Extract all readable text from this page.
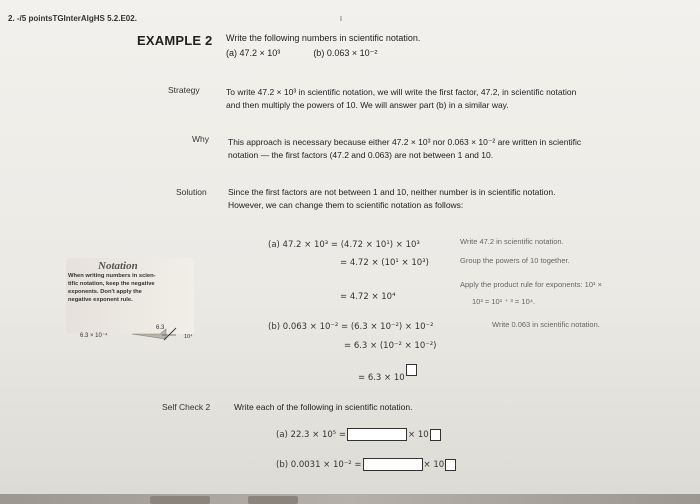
2. -/5 pointsTGInterAlgHS 5.2.E02.	I
EXAMPLE 2 Write the following numbers in scientific notation.
(a) 47.2 × 10³	(b) 0.063 × 10⁻²
Strategy	To write 47.2 × 10³ in scientific notation, we will write the first factor, 47.2, in scientific notation
and then multiply the powers of 10. We will answer part (b) in a similar way.
Why This approach is necessary because either 47.2 × 10³ nor 0.063 × 10⁻² are written in scientific
notation — the first factors (47.2 and 0.063) are not between 1 and 10.
Solution	Since the first factors are not between 1 and 10, neither number is in scientific notation.
However, we can change them to scientific notation as follows:
(a) 47.2 × 10³ = (4.72 × 10¹) × 10³	Write 47.2 in scientific notation.
= 4.72 × (10¹ × 10³)	Group the powers of 10 together.
= 4.72 × 10⁴
Apply the product rule for exponents: 10¹ ×
10³ = 10¹ ⁺ ³ = 10⁴.
(b) 0.063 × 10⁻² = (6.3 × 10⁻²) × 10⁻²	Write 0.063 in scientific notation.
= 6.3 × (10⁻² × 10⁻²)
= 6.3 × 10
Notation
When writing numbers in scien-tific notation, keep the negative exponents. Don't apply the negative exponent rule.
6.3 × 10⁻⁴
6.3
10⁴
Self Check 2	Write each of the following in scientific notation.
(a) 22.3 × 10⁵ =	× 10
(b) 0.0031 × 10⁻² =	× 10
